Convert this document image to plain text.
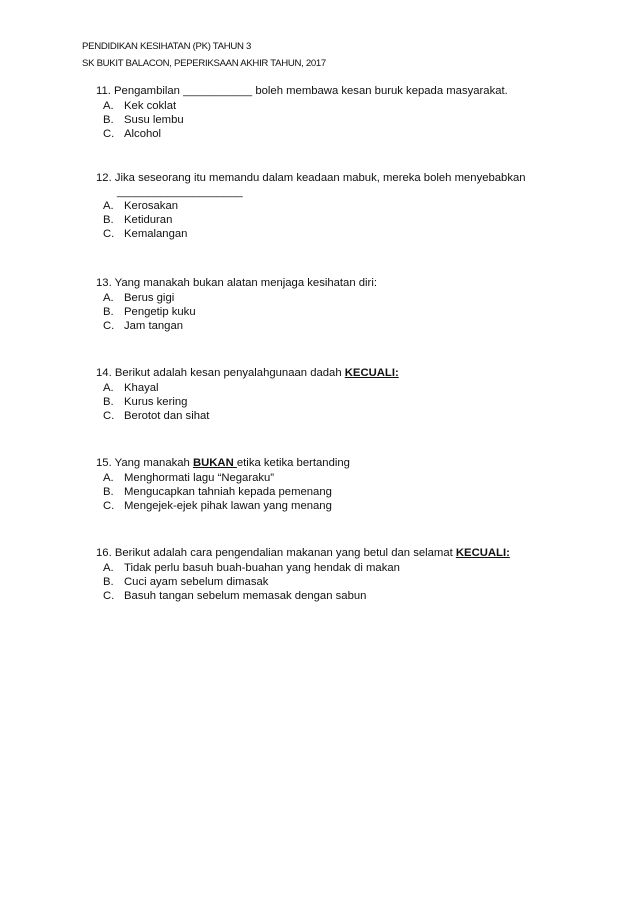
PENDIDIKAN KESIHATAN (PK) TAHUN 3
SK BUKIT BALACON, PEPERIKSAAN AKHIR TAHUN, 2017
11. Pengambilan ___________ boleh membawa kesan buruk kepada masyarakat.
A. Kek coklat
B. Susu lembu
C. Alcohol
12. Jika seseorang itu memandu dalam keadaan mabuk, mereka boleh menyebabkan
____________________
A. Kerosakan
B. Ketiduran
C. Kemalangan
13. Yang manakah bukan alatan menjaga kesihatan diri:
A. Berus gigi
B. Pengetip kuku
C. Jam tangan
14. Berikut adalah kesan penyalahgunaan dadah KECUALI:
A. Khayal
B. Kurus kering
C. Berotot dan sihat
15. Yang manakah BUKAN etika ketika bertanding
A. Menghormati lagu “Negaraku”
B. Mengucapkan tahniah kepada pemenang
C. Mengejek-ejek pihak lawan yang menang
16. Berikut adalah cara pengendalian makanan yang betul dan selamat KECUALI:
A. Tidak perlu basuh buah-buahan yang hendak di makan
B. Cuci ayam sebelum dimasak
C. Basuh tangan sebelum memasak dengan sabun
